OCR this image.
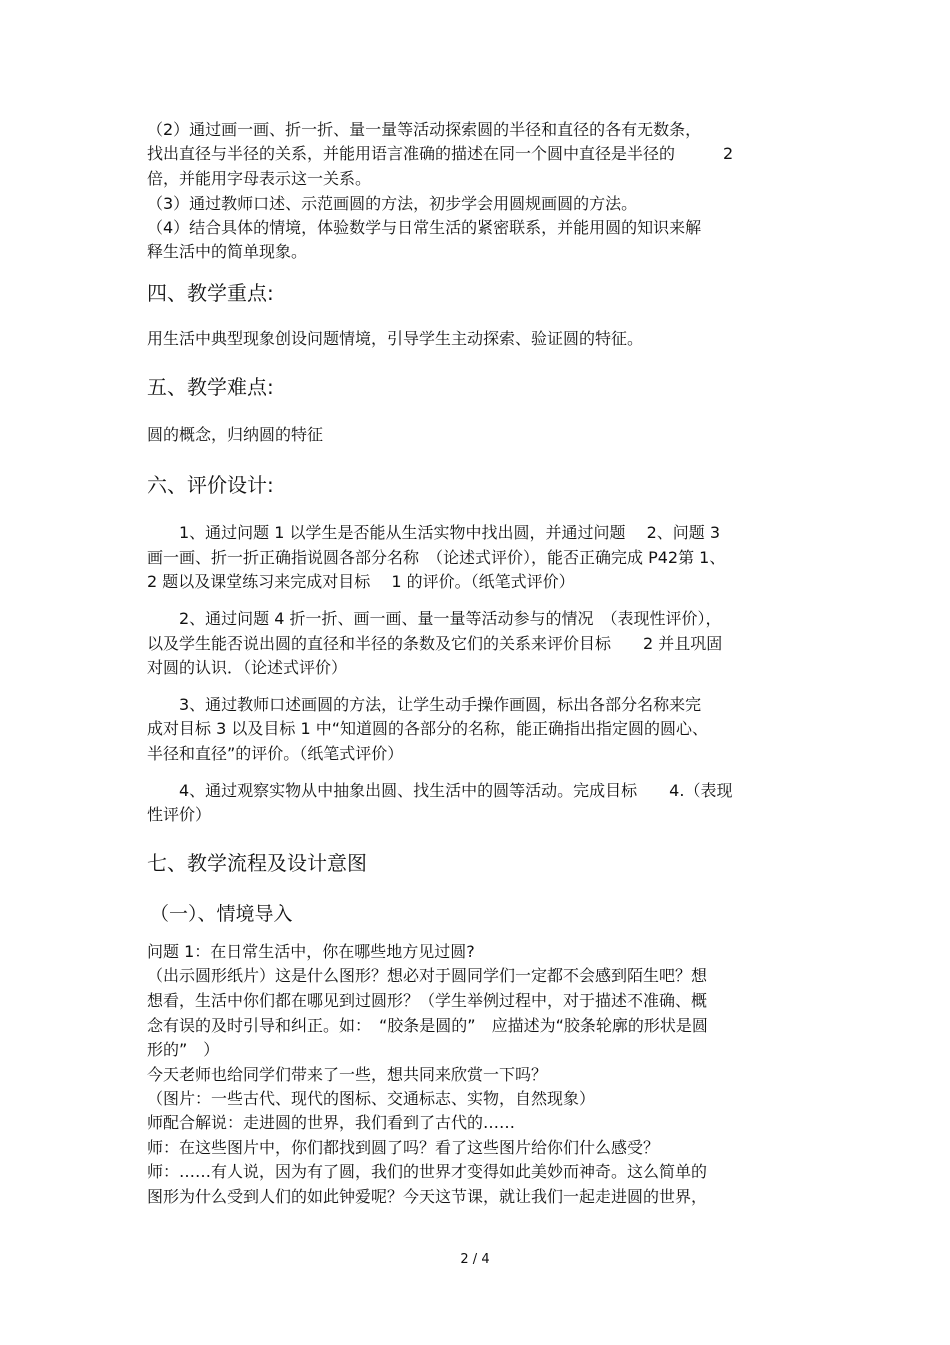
（2）通过画一画、折一折、量一量等活动探索圆的半径和直径的各有无数条，
找出直径与半径的关系，并能用语言准确的描述在同一个圆中直径是半径的　　　2
倍，并能用字母表示这一关系。
（3）通过教师口述、示范画圆的方法，初步学会用圆规画圆的方法。
（4）结合具体的情境，体验数学与日常生活的紧密联系，并能用圆的知识来解
释生活中的简单现象。
四、教学重点:
用生活中典型现象创设问题情境，引导学生主动探索、验证圆的特征。
五、教学难点:
圆的概念，归纳圆的特征
六、评价设计:
　　1、通过问题 1 以学生是否能从生活实物中找出圆，并通过问题　 2、问题 3
画一画、折一折正确指说圆各部分名称　（论述式评价），能否正确完成 P42第 1、
2 题以及课堂练习来完成对目标　 1 的评价。（纸笔式评价）
　　2、通过问题 4 折一折、画一画、量一量等活动参与的情况　（表现性评价），
以及学生能否说出圆的直径和半径的条数及它们的关系来评价目标　　2 并且巩固
对圆的认识．（论述式评价）
　　3、通过教师口述画圆的方法，让学生动手操作画圆，标出各部分名称来完
成对目标 3 以及目标 1 中“知道圆的各部分的名称，能正确指出指定圆的圆心、
半径和直径”的评价。（纸笔式评价）
　　4、通过观察实物从中抽象出圆、找生活中的圆等活动。完成目标　　4.（表现
性评价）
七、教学流程及设计意图
（一）、情境导入
问题 1：在日常生活中，你在哪些地方见过圆?
（出示圆形纸片）这是什么图形？想必对于圆同学们一定都不会感到陌生吧？想
想看，生活中你们都在哪见到过圆形？（学生举例过程中，对于描述不准确、概
念有误的及时引导和纠正。如：　“胶条是圆的”　应描述为“胶条轮廓的形状是圆
形的”　）
今天老师也给同学们带来了一些，想共同来欣赏一下吗？
（图片：一些古代、现代的图标、交通标志、实物，自然现象）
师配合解说：走进圆的世界，我们看到了古代的……
师：在这些图片中，你们都找到圆了吗？看了这些图片给你们什么感受？
师：……有人说，因为有了圆，我们的世界才变得如此美妙而神奇。这么简单的
图形为什么受到人们的如此钟爱呢？今天这节课，就让我们一起走进圆的世界，
2 / 4
